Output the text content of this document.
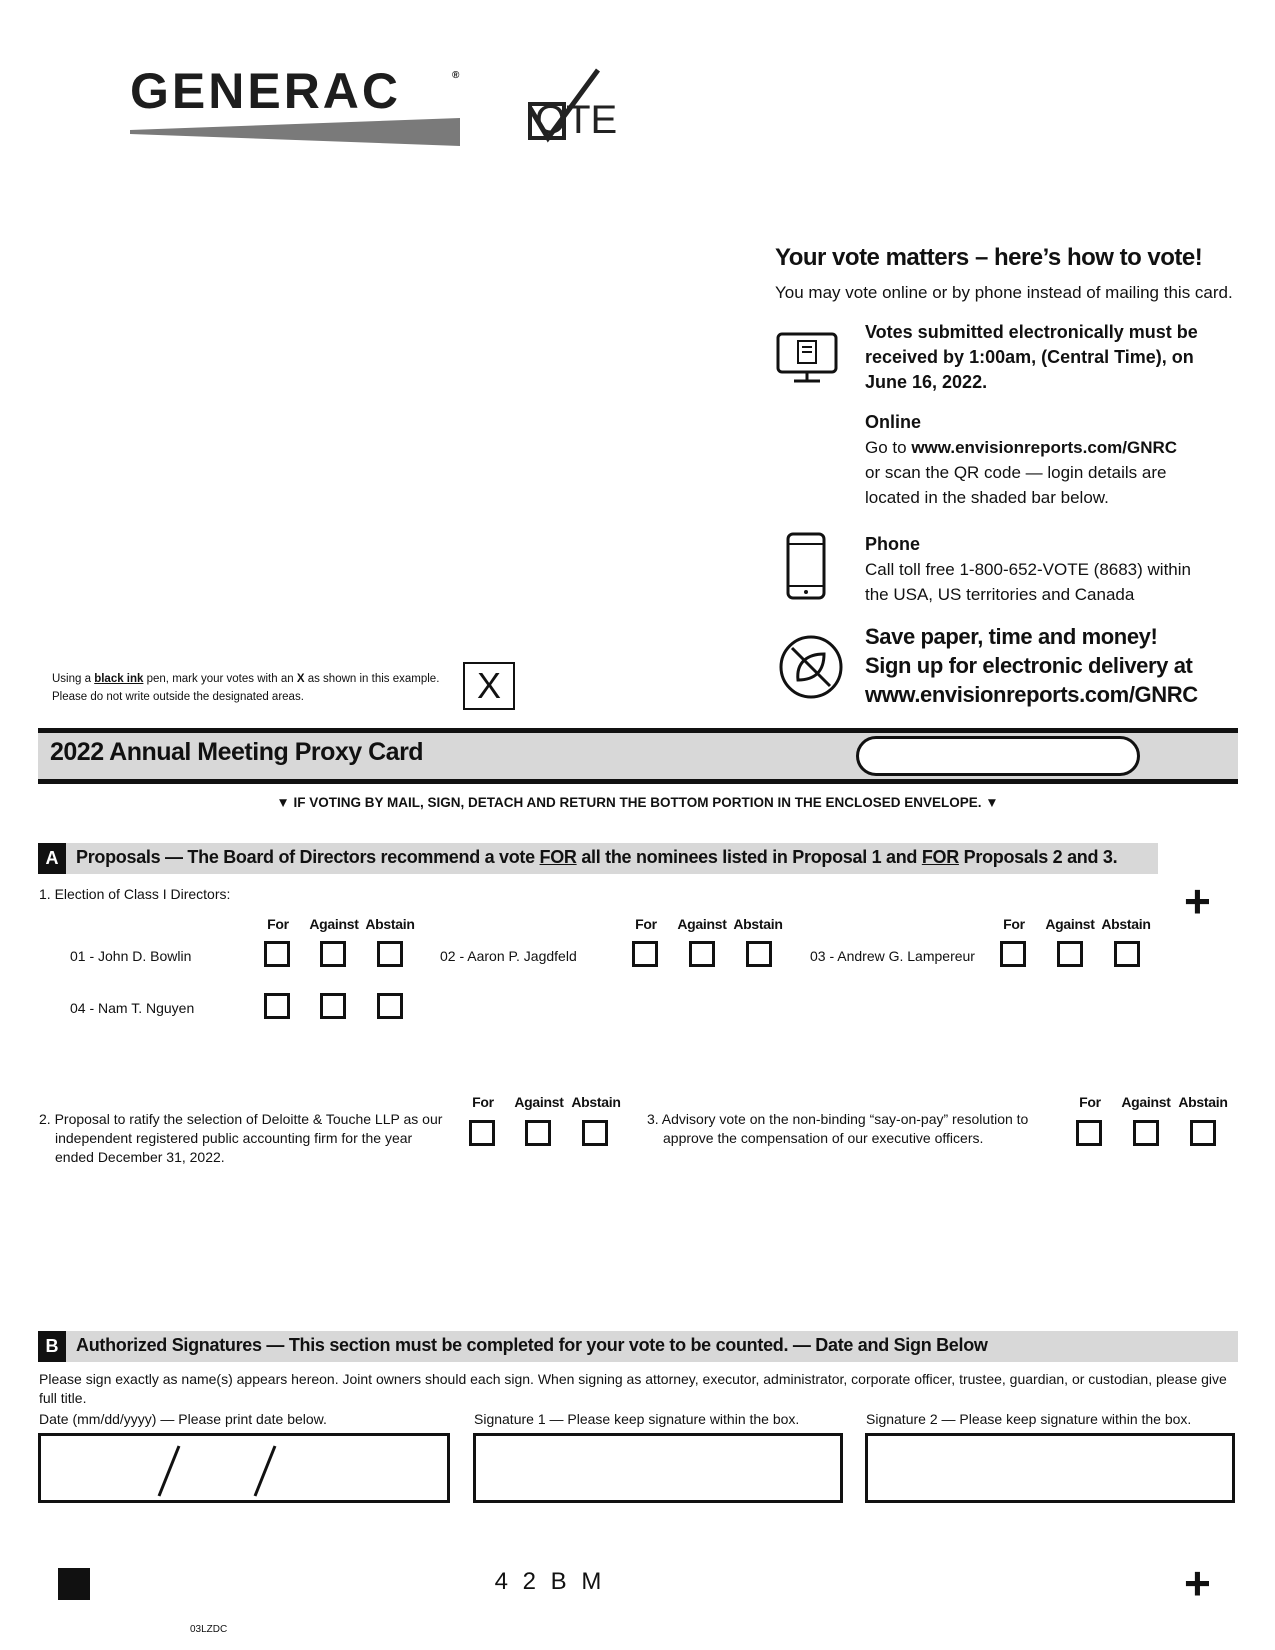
GENERAC	®
OTE
Your vote matters – here’s how to vote!
You may vote online or by phone instead of mailing this card.
Votes submitted electronically must be
received by 1:00am, (Central Time), on
June 16, 2022.
Online
Go to www.envisionreports.com/GNRC
or scan the QR code — login details are
located in the shaded bar below.
Phone
Call toll free 1-800-652-VOTE (8683) within
the USA, US territories and Canada
Save paper, time and money!
Sign up for electronic delivery at
www.envisionreports.com/GNRC
Using a black ink pen, mark your votes with an X as shown in this example.
Please do not write outside the designated areas.	X
2022 Annual Meeting Proxy Card
▼ IF VOTING BY MAIL, SIGN, DETACH AND RETURN THE BOTTOM PORTION IN THE ENCLOSED ENVELOPE. ▼
A Proposals — The Board of Directors recommend a vote FOR all the nominees listed in Proposal 1 and FOR Proposals 2 and 3.
+
1. Election of Class I Directors:
For	Against Abstain	For	Against Abstain	For	Against Abstain
01 - John D. Bowlin	02 - Aaron P. Jagdfeld	03 - Andrew G. Lampereur
04 - Nam T. Nguyen
2. Proposal to ratify the selection of Deloitte & Touche LLP as our
independent registered public accounting firm for the year
ended December 31, 2022.
For	Against Abstain
3. Advisory vote on the non-binding “say-on-pay” resolution to
approve the compensation of our executive officers.
For	Against Abstain
B Authorized Signatures — This section must be completed for your vote to be counted. — Date and Sign Below
Please sign exactly as name(s) appears hereon. Joint owners should each sign. When signing as attorney, executor, administrator, corporate officer, trustee, guardian, or custodian, please give full title.
Date (mm/dd/yyyy) — Please print date below.	Signature 1 — Please keep signature within the box.	Signature 2 — Please keep signature within the box.
4 2 B M	+
03LZDC
